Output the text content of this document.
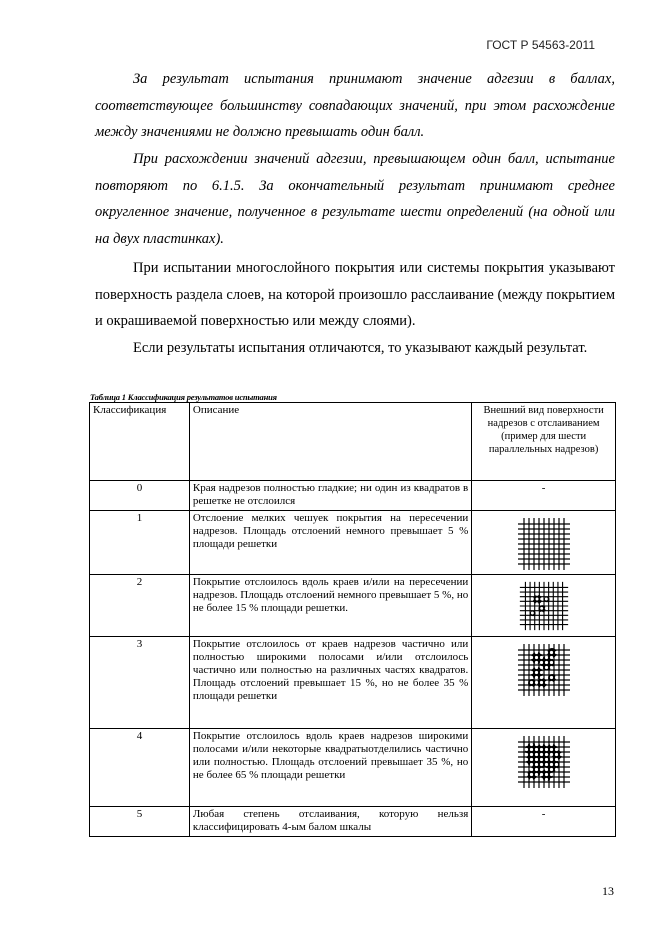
ГОСТ Р 54563-2011

За результат испытания принимают значение адгезии в баллах, соответствующее большинству совпадающих значений, при этом расхождение между значениями не должно превышать один балл.

При расхождении значений адгезии, превышающем один балл, испытание повторяют по 6.1.5. За окончательный результат принимают среднее округленное значение, полученное в результате шести определений (на одной или на двух пластинках).

При испытании многослойного покрытия или системы покрытия указывают поверхность раздела слоев, на которой произошло расслаивание (между покрытием и окрашиваемой поверхностью или между слоями).

Если результаты испытания отличаются, то указывают каждый результат.

Таблица 1 Классификация результатов испытания
Классификация	Описание	Внешний вид поверхности надрезов с отслаиванием (пример для шести параллельных надрезов)
0	Края надрезов полностью гладкие; ни один из квадратов в решетке не отслоился	-

1	Отслоение мелких чешуек покрытия на пересечении надрезов. Площадь отслоений немного превышает 5 % площади решетки	

2	Покрытие отслоилось вдоль краев и/или на пересечении надрезов. Площадь отслоений немного превышает 5 %, но не более 15 % площади решетки.	

3	Покрытие отслоилось от краев надрезов частично или полностью широкими полосами и/или отслоилось частично или полностью на различных частях квадратов. Площадь отслоений превышает 15 %, но не более 35 % площади решетки	

4	Покрытие отслоилось вдоль краев надрезов широкими полосами и/или некоторые квадратыотделились частично или полностью. Площадь отслоений превышает 35 %, но не более 65 % площади решетки	

5	Любая степень отслаивания, которую нельзя классифицировать 4-ым балом шкалы	-
13
